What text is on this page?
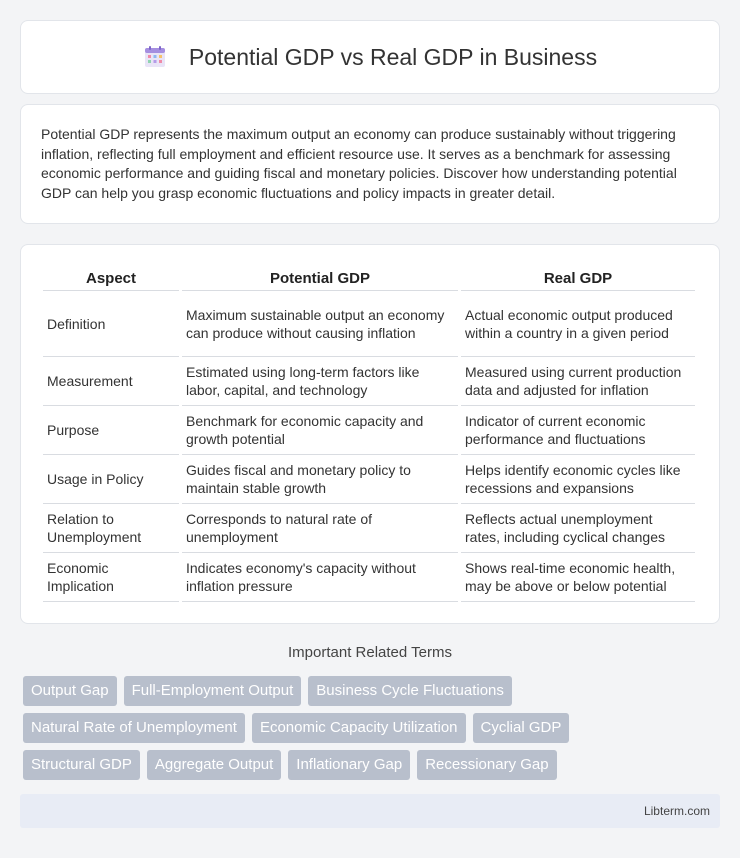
Potential GDP vs Real GDP in Business

Potential GDP represents the maximum output an economy can produce sustainably without triggering inflation, reflecting full employment and efficient resource use. It serves as a benchmark for assessing economic performance and guiding fiscal and monetary policies. Discover how understanding potential GDP can help you grasp economic fluctuations and policy impacts in greater detail.

Aspect	Potential GDP	Real GDP
Definition	Maximum sustainable output an economy can produce without causing inflation	Actual economic output produced within a country in a given period
Measurement	Estimated using long-term factors like labor, capital, and technology	Measured using current production data and adjusted for inflation
Purpose	Benchmark for economic capacity and growth potential	Indicator of current economic performance and fluctuations
Usage in Policy	Guides fiscal and monetary policy to maintain stable growth	Helps identify economic cycles like recessions and expansions
Relation to Unemployment	Corresponds to natural rate of unemployment	Reflects actual unemployment rates, including cyclical changes
Economic Implication	Indicates economy's capacity without inflation pressure	Shows real-time economic health, may be above or below potential
Important Related Terms
Output Gap	Full-Employment Output	Business Cycle Fluctuations
Natural Rate of Unemployment	Economic Capacity Utilization	Cyclial GDP
Structural GDP	Aggregate Output	Inflationary Gap	Recessionary Gap
Libterm.com
